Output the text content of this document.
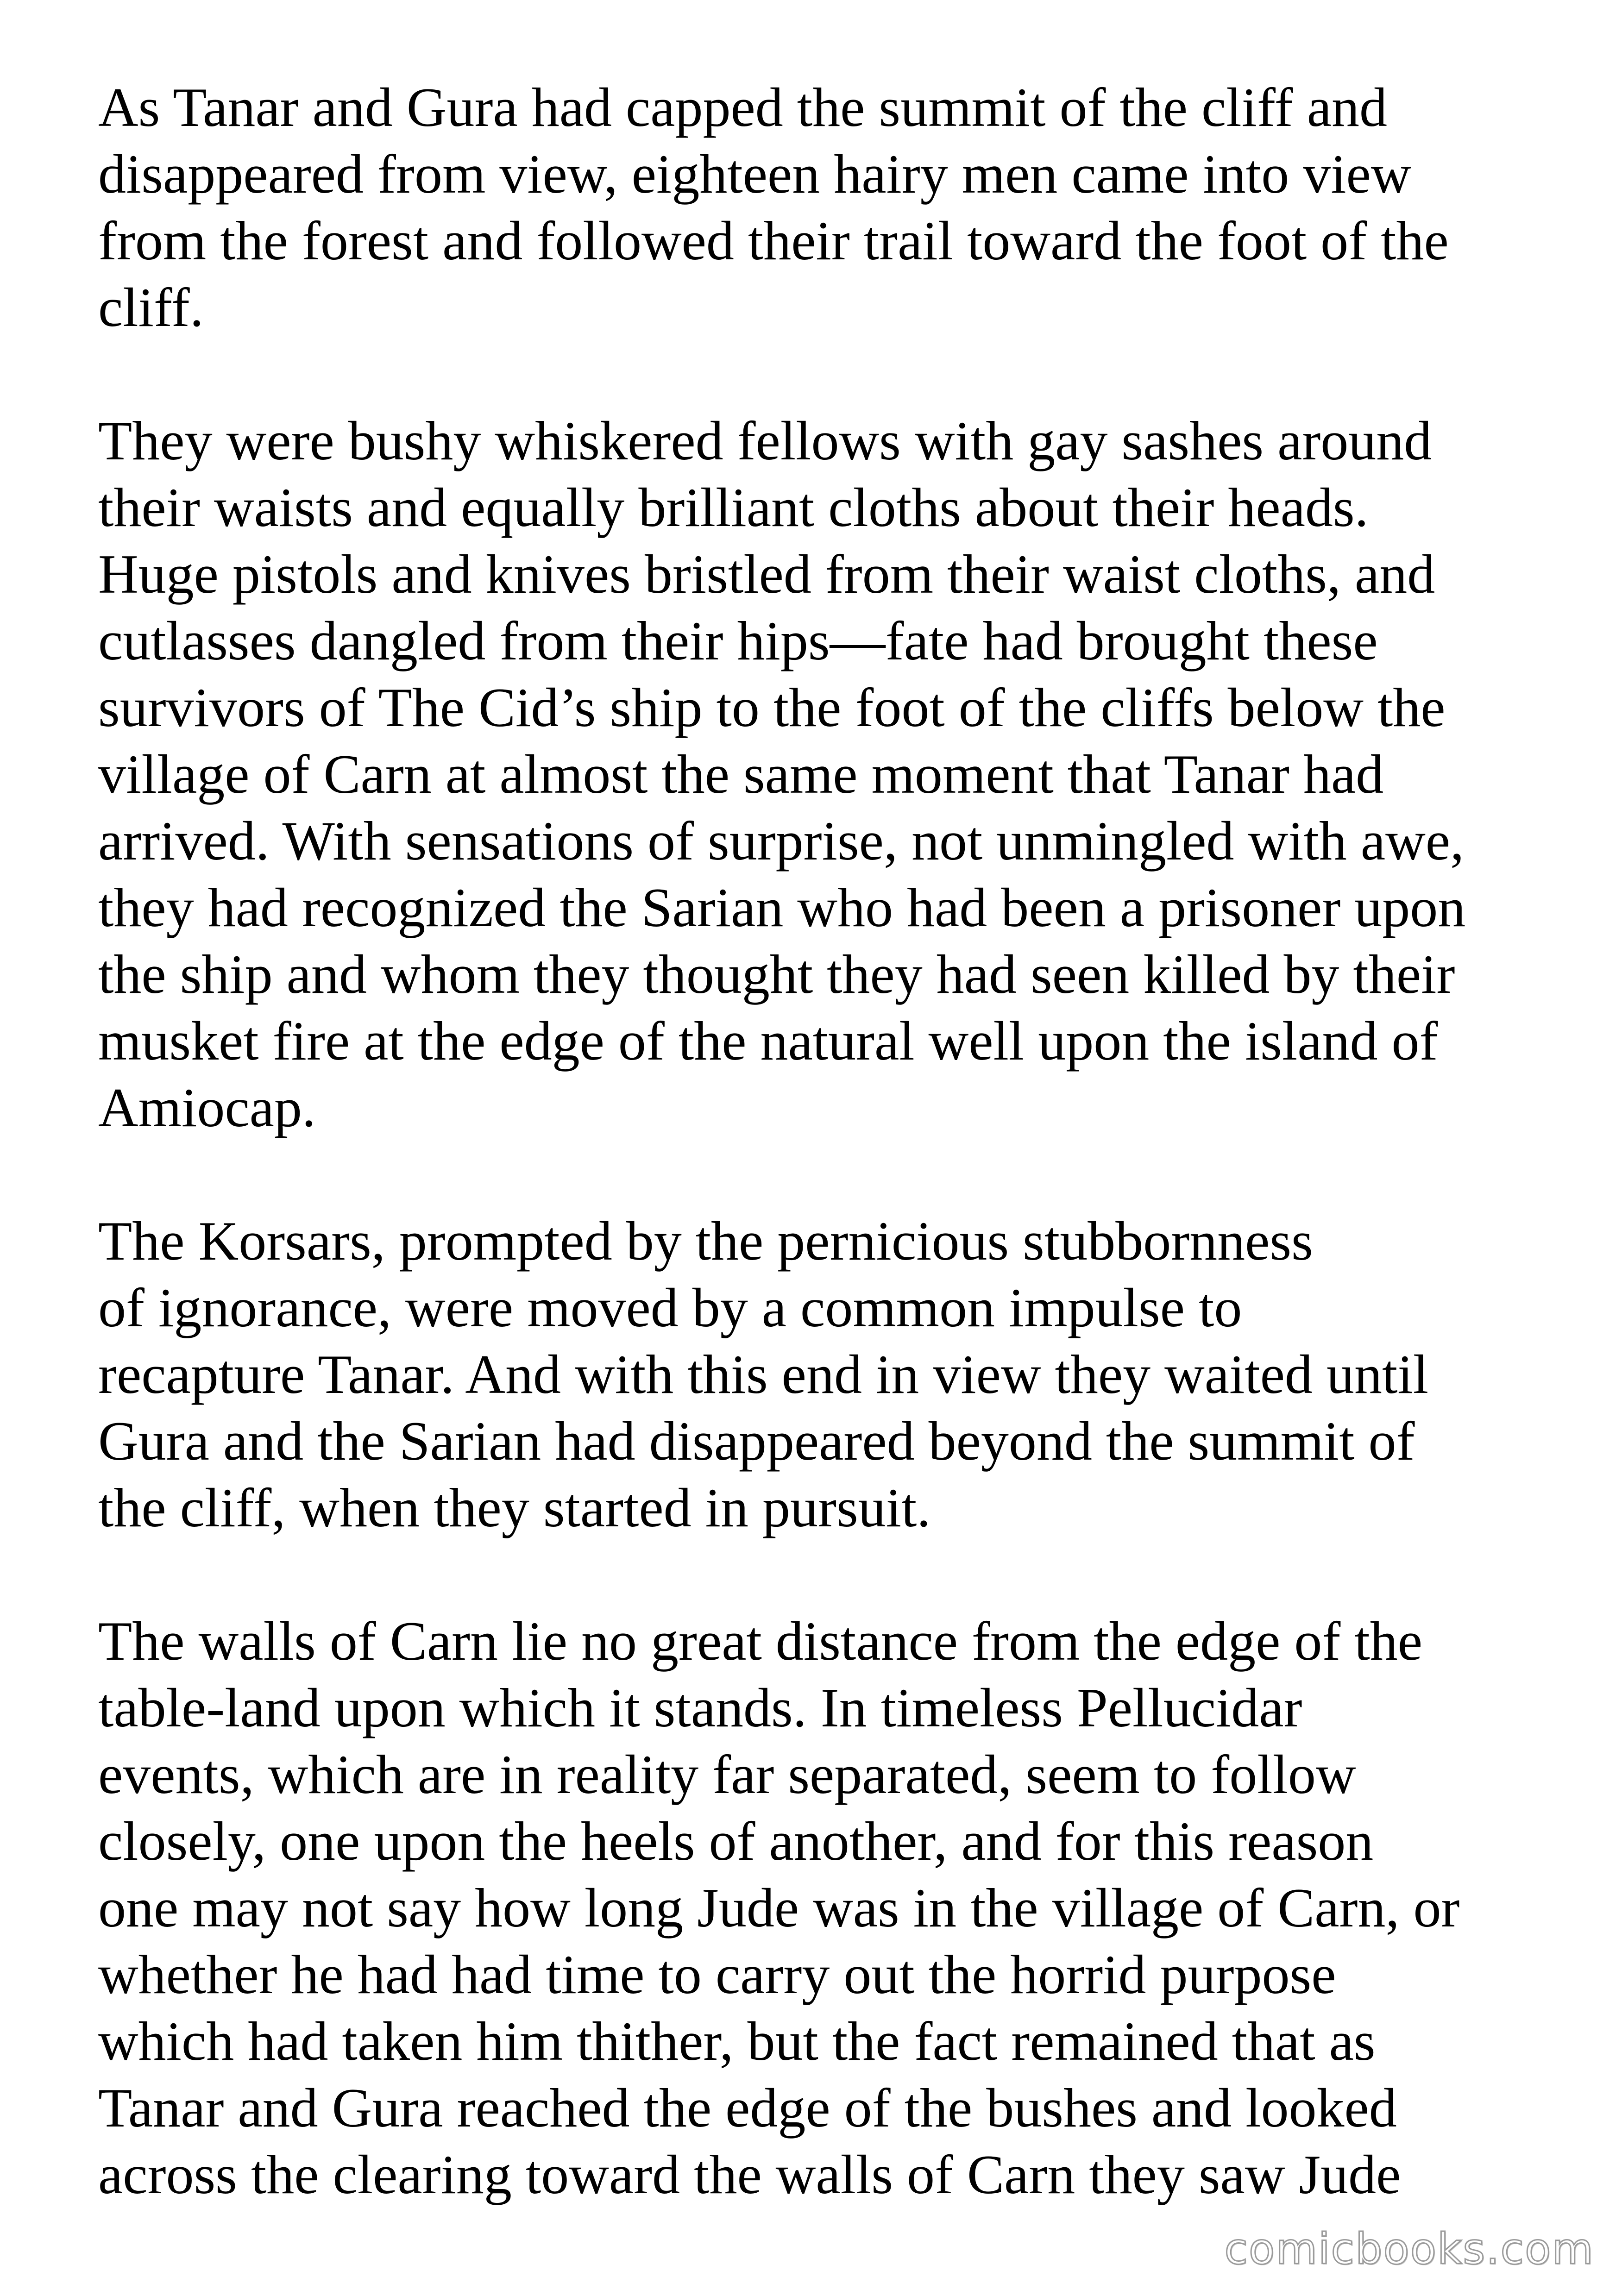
As Tanar and Gura had capped the summit of the cliff and
disappeared from view, eighteen hairy men came into view
from the forest and followed their trail toward the foot of the
cliff.

They were bushy whiskered fellows with gay sashes around
their waists and equally brilliant cloths about their heads.
Huge pistols and knives bristled from their waist cloths, and
cutlasses dangled from their hips—fate had brought these
survivors of The Cid’s ship to the foot of the cliffs below the
village of Carn at almost the same moment that Tanar had
arrived. With sensations of surprise, not unmingled with awe,
they had recognized the Sarian who had been a prisoner upon
the ship and whom they thought they had seen killed by their
musket fire at the edge of the natural well upon the island of
Amiocap.

The Korsars, prompted by the pernicious stubbornness
of ignorance, were moved by a common impulse to
recapture Tanar. And with this end in view they waited until
Gura and the Sarian had disappeared beyond the summit of
the cliff, when they started in pursuit.

The walls of Carn lie no great distance from the edge of the
table-land upon which it stands. In timeless Pellucidar
events, which are in reality far separated, seem to follow
closely, one upon the heels of another, and for this reason
one may not say how long Jude was in the village of Carn, or
whether he had had time to carry out the horrid purpose
which had taken him thither, but the fact remained that as
Tanar and Gura reached the edge of the bushes and looked
across the clearing toward the walls of Carn they saw Jude

comicbooks.com
